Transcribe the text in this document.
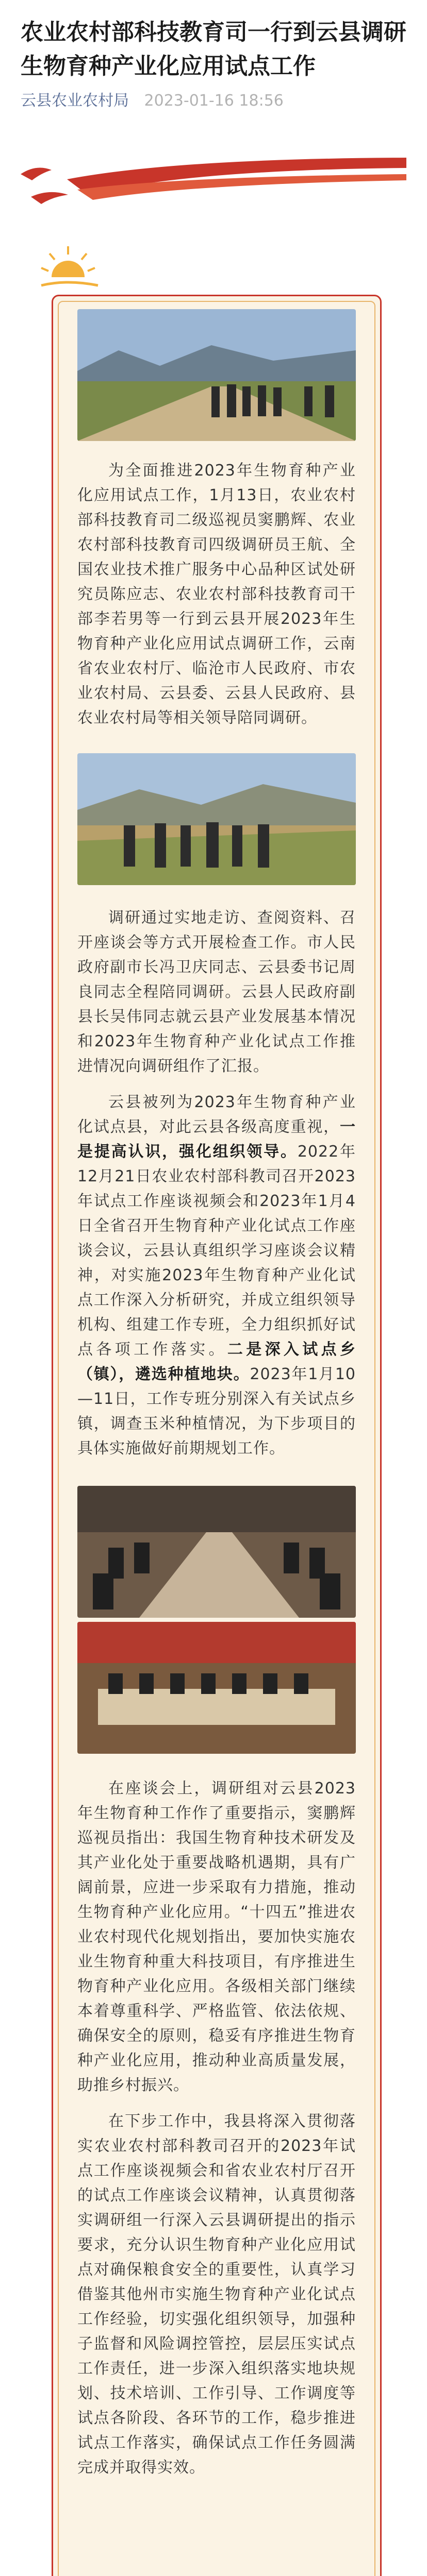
农业农村部科技教育司一行到云县调研生物育种产业化应用试点工作
云县农业农村局 2023-01-16 18:56

为全面推进2023年生物育种产业化应用试点工作，1月13日，农业农村部科技教育司二级巡视员窦鹏辉、农业农村部科技教育司四级调研员王航、全国农业技术推广服务中心品种区试处研究员陈应志、农业农村部科技教育司干部李若男等一行到云县开展2023年生物育种产业化应用试点调研工作，云南省农业农村厅、临沧市人民政府、市农业农村局、云县委、云县人民政府、县农业农村局等相关领导陪同调研。

调研通过实地走访、查阅资料、召开座谈会等方式开展检查工作。市人民政府副市长冯卫庆同志、云县委书记周良同志全程陪同调研。云县人民政府副县长吴伟同志就云县产业发展基本情况和2023年生物育种产业化试点工作推进情况向调研组作了汇报。

云县被列为2023年生物育种产业化试点县，对此云县各级高度重视，一是提高认识，强化组织领导。2022年12月21日农业农村部科教司召开2023年试点工作座谈视频会和2023年1月4日全省召开生物育种产业化试点工作座谈会议，云县认真组织学习座谈会议精神，对实施2023年生物育种产业化试点工作深入分析研究，并成立组织领导机构、组建工作专班，全力组织抓好试点各项工作落实。二是深入试点乡（镇），遴选种植地块。2023年1月10—11日，工作专班分别深入有关试点乡镇，调查玉米种植情况，为下步项目的具体实施做好前期规划工作。

在座谈会上，调研组对云县2023年生物育种工作作了重要指示，窦鹏辉巡视员指出：我国生物育种技术研发及其产业化处于重要战略机遇期，具有广阔前景，应进一步采取有力措施，推动生物育种产业化应用。“十四五”推进农业农村现代化规划指出，要加快实施农业生物育种重大科技项目，有序推进生物育种产业化应用。各级相关部门继续本着尊重科学、严格监管、依法依规、确保安全的原则，稳妥有序推进生物育种产业化应用，推动种业高质量发展，助推乡村振兴。

在下步工作中，我县将深入贯彻落实农业农村部科教司召开的2023年试点工作座谈视频会和省农业农村厅召开的试点工作座谈会议精神，认真贯彻落实调研组一行深入云县调研提出的指示要求，充分认识生物育种产业化应用试点对确保粮食安全的重要性，认真学习借鉴其他州市实施生物育种产业化试点工作经验，切实强化组织领导，加强种子监督和风险调控管控，层层压实试点工作责任，进一步深入组织落实地块规划、技术培训、工作引导、工作调度等试点各阶段、各环节的工作，稳步推进试点工作落实，确保试点工作任务圆满完成并取得实效。
